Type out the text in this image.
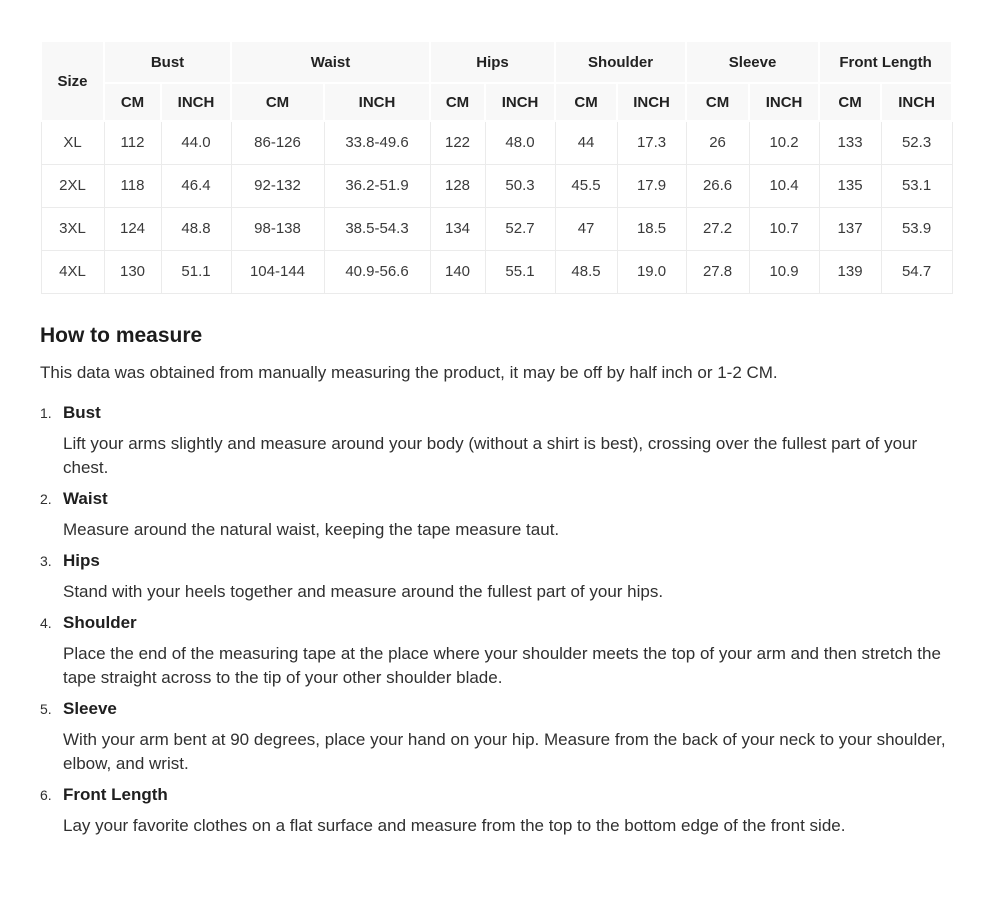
Size	Bust		Waist		Hips		Shoulder		Sleeve		Front Length	
	CM	INCH	CM	INCH	CM	INCH	CM	INCH	CM	INCH	CM	INCH
XL	112	44.0	86-126	33.8-49.6	122	48.0	44	17.3	26	10.2	133	52.3
2XL	118	46.4	92-132	36.2-51.9	128	50.3	45.5	17.9	26.6	10.4	135	53.1
3XL	124	48.8	98-138	38.5-54.3	134	52.7	47	18.5	27.2	10.7	137	53.9
4XL	130	51.1	104-144	40.9-56.6	140	55.1	48.5	19.0	27.8	10.9	139	54.7
How to measure

This data was obtained from manually measuring the product, it may be off by half inch or 1-2 CM.

1. Bust

Lift your arms slightly and measure around your body (without a shirt is best), crossing over the fullest part of your chest.

2. Waist

Measure around the natural waist, keeping the tape measure taut.

3. Hips

Stand with your heels together and measure around the fullest part of your hips.

4. Shoulder

Place the end of the measuring tape at the place where your shoulder meets the top of your arm and then stretch the tape straight across to the tip of your other shoulder blade.

5. Sleeve

With your arm bent at 90 degrees, place your hand on your hip. Measure from the back of your neck to your shoulder, elbow, and wrist.

6. Front Length

Lay your favorite clothes on a flat surface and measure from the top to the bottom edge of the front side.
